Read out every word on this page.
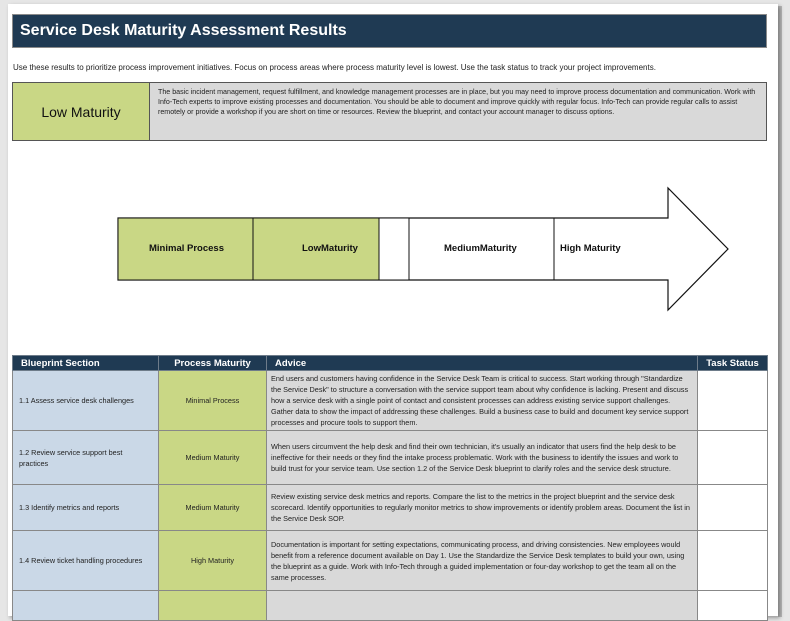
Service Desk Maturity Assessment Results
Use these results to prioritize process improvement initiatives. Focus on process areas where process maturity level is lowest. Use the task status to track your project improvements.
Low Maturity
The basic incident management, request fulfillment, and knowledge management processes are in place, but you may need to improve process documentation and communication. Work with Info-Tech experts to improve existing processes and documentation. You should be able to document and improve quickly with regular focus. Info-Tech can provide regular calls to assist remotely or provide a workshop if you are short on time or resources. Review the blueprint, and contact your account manager to discuss options.
Minimal Process	LowMaturity	MediumMaturity	High Maturity
Blueprint Section	Process Maturity	Advice	Task Status
1.1 Assess service desk challenges	Minimal Process	End users and customers having confidence in the Service Desk Team is critical to success. Start working through "Standardize the Service Desk" to structure a conversation with the service support team about why confidence is lacking. Present and discuss how a service desk with a single point of contact and consistent processes can address existing service support challenges. Gather data to show the impact of addressing these challenges. Build a business case to build and document key service support processes and procure tools to support them.	
1.2 Review service support best practices	Medium Maturity	When users circumvent the help desk and find their own technician, it's usually an indicator that users find the help desk to be ineffective for their needs or they find the intake process problematic. Work with the business to identify the issues and work to build trust for your service team. Use section 1.2 of the Service Desk blueprint to clarify roles and the service desk structure.	
1.3 Identify metrics and reports	Medium Maturity	Review existing service desk metrics and reports. Compare the list to the metrics in the project blueprint and the service desk scorecard. Identify opportunities to regularly monitor metrics to show improvements or identify problem areas. Document the list in the Service Desk SOP.	
1.4 Review ticket handling procedures	High Maturity	Documentation is important for setting expectations, communicating process, and driving consistencies. New employees would benefit from a reference document available on Day 1. Use the Standardize the Service Desk templates to build your own, using the blueprint as a guide. Work with Info-Tech through a guided implementation or four-day workshop to get the team all on the same processes.	
